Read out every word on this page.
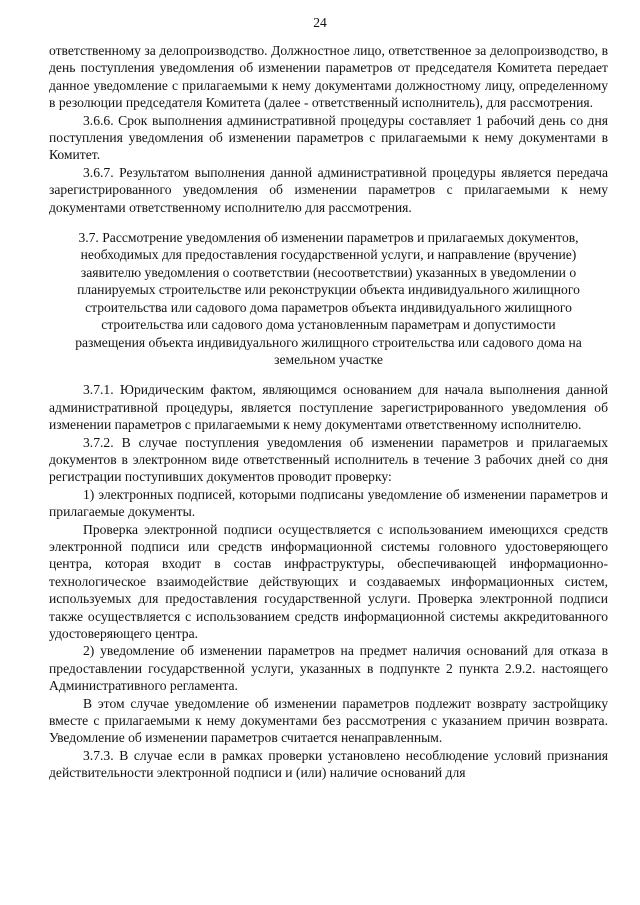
24

ответственному за делопроизводство. Должностное лицо, ответственное за делопроизводство, в день поступления уведомления об изменении параметров от председателя Комитета передает данное уведомление с прилагаемыми к нему документами должностному лицу, определенному в резолюции председателя Комитета (далее - ответственный исполнитель), для рассмотрения.

3.6.6. Срок выполнения административной процедуры составляет 1 рабочий день со дня поступления уведомления об изменении параметров с прилагаемыми к нему документами в Комитет.

3.6.7. Результатом выполнения данной административной процедуры является передача зарегистрированного уведомления об изменении параметров с прилагаемыми к нему документами ответственному исполнителю для рассмотрения.

3.7. Рассмотрение уведомления об изменении параметров и прилагаемых документов, необходимых для предоставления государственной услуги, и направление (вручение) заявителю уведомления о соответствии (несоответствии) указанных в уведомлении о планируемых строительстве или реконструкции объекта индивидуального жилищного строительства или садового дома параметров объекта индивидуального жилищного строительства или садового дома установленным параметрам и допустимости размещения объекта индивидуального жилищного строительства или садового дома на земельном участке

3.7.1. Юридическим фактом, являющимся основанием для начала выполнения данной административной процедуры, является поступление зарегистрированного уведомления об изменении параметров с прилагаемыми к нему документами ответственному исполнителю.

3.7.2. В случае поступления уведомления об изменении параметров и прилагаемых документов в электронном виде ответственный исполнитель в течение 3 рабочих дней со дня регистрации поступивших документов проводит проверку:

1) электронных подписей, которыми подписаны уведомление об изменении параметров и прилагаемые документы.

Проверка электронной подписи осуществляется с использованием имеющихся средств электронной подписи или средств информационной системы головного удостоверяющего центра, которая входит в состав инфраструктуры, обеспечивающей информационно-технологическое взаимодействие действующих и создаваемых информационных систем, используемых для предоставления государственной услуги. Проверка электронной подписи также осуществляется с использованием средств информационной системы аккредитованного удостоверяющего центра.

2) уведомление об изменении параметров на предмет наличия оснований для отказа в предоставлении государственной услуги, указанных в подпункте 2 пункта 2.9.2. настоящего Административного регламента.

В этом случае уведомление об изменении параметров подлежит возврату застройщику вместе с прилагаемыми к нему документами без рассмотрения с указанием причин возврата. Уведомление об изменении параметров считается ненаправленным.

3.7.3. В случае если в рамках проверки установлено несоблюдение условий признания действительности электронной подписи и (или) наличие оснований для
